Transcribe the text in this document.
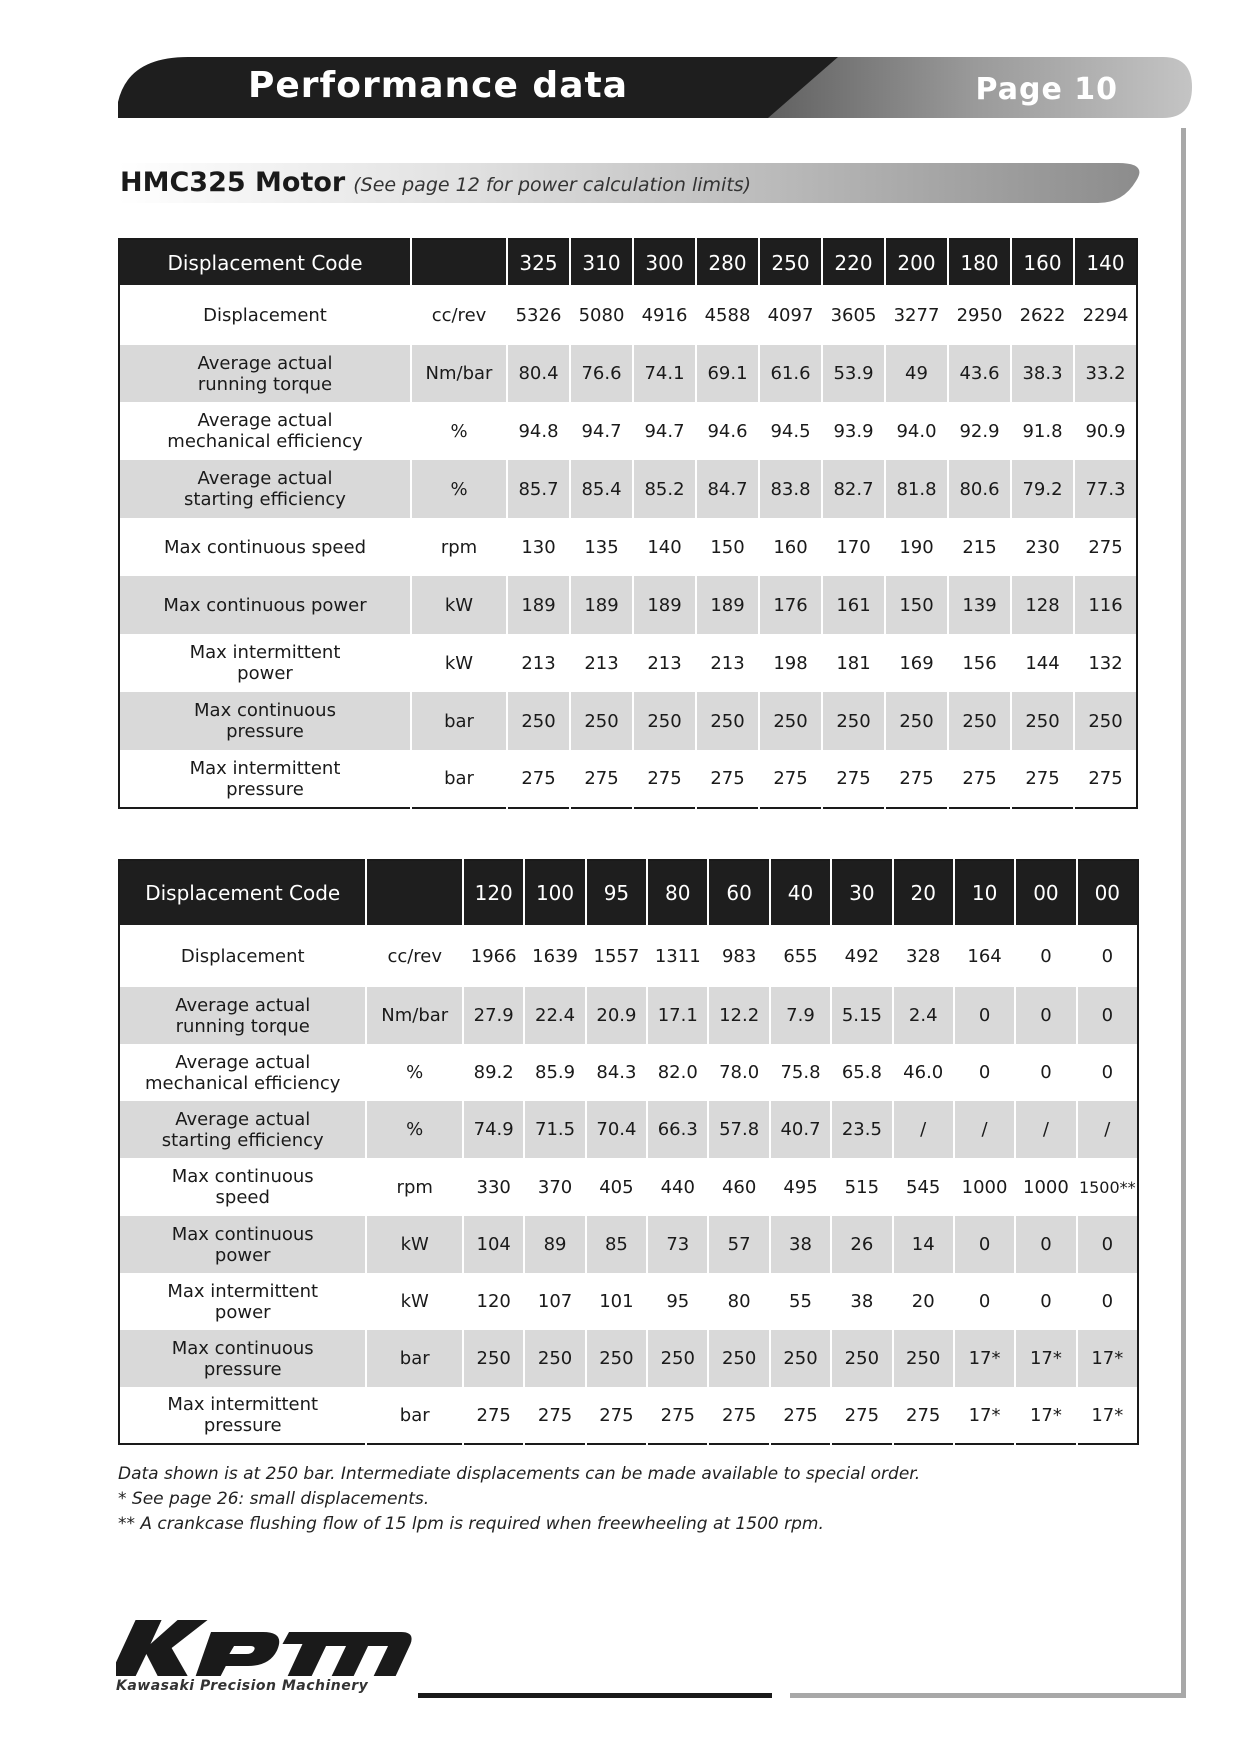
Performance data	Page 10
HMC325 Motor (See page 12 for power calculation limits)
Displacement Code		325	310	300	280	250	220	200	180	160	140
Displacement	cc/rev	5326	5080	4916	4588	4097	3605	3277	2950	2622	2294
Average actual running torque	Nm/bar	80.4	76.6	74.1	69.1	61.6	53.9	49	43.6	38.3	33.2
Average actual mechanical efficiency	%	94.8	94.7	94.7	94.6	94.5	93.9	94.0	92.9	91.8	90.9
Average actual starting efficiency	%	85.7	85.4	85.2	84.7	83.8	82.7	81.8	80.6	79.2	77.3
Max continuous speed	rpm	130	135	140	150	160	170	190	215	230	275
Max continuous power	kW	189	189	189	189	176	161	150	139	128	116
Max intermittent power	kW	213	213	213	213	198	181	169	156	144	132
Max continuous pressure	bar	250	250	250	250	250	250	250	250	250	250
Max intermittent pressure	bar	275	275	275	275	275	275	275	275	275	275
Displacement Code		120	100	95	80	60	40	30	20	10	00	00
Displacement	cc/rev	1966	1639	1557	1311	983	655	492	328	164	0	0
Average actual running torque	Nm/bar	27.9	22.4	20.9	17.1	12.2	7.9	5.15	2.4	0	0	0
Average actual mechanical efficiency	%	89.2	85.9	84.3	82.0	78.0	75.8	65.8	46.0	0	0	0
Average actual starting efficiency	%	74.9	71.5	70.4	66.3	57.8	40.7	23.5	/	/	/	/
Max continuous speed	rpm	330	370	405	440	460	495	515	545	1000	1000	1500**
Max continuous power	kW	104	89	85	73	57	38	26	14	0	0	0
Max intermittent power	kW	120	107	101	95	80	55	38	20	0	0	0
Max continuous pressure	bar	250	250	250	250	250	250	250	250	17*	17*	17*
Max intermittent pressure	bar	275	275	275	275	275	275	275	275	17*	17*	17*
Data shown is at 250 bar. Intermediate displacements can be made available to special order.
* See page 26: small displacements.
** A crankcase flushing flow of 15 lpm is required when freewheeling at 1500 rpm.
KPM
Kawasaki Precision Machinery
